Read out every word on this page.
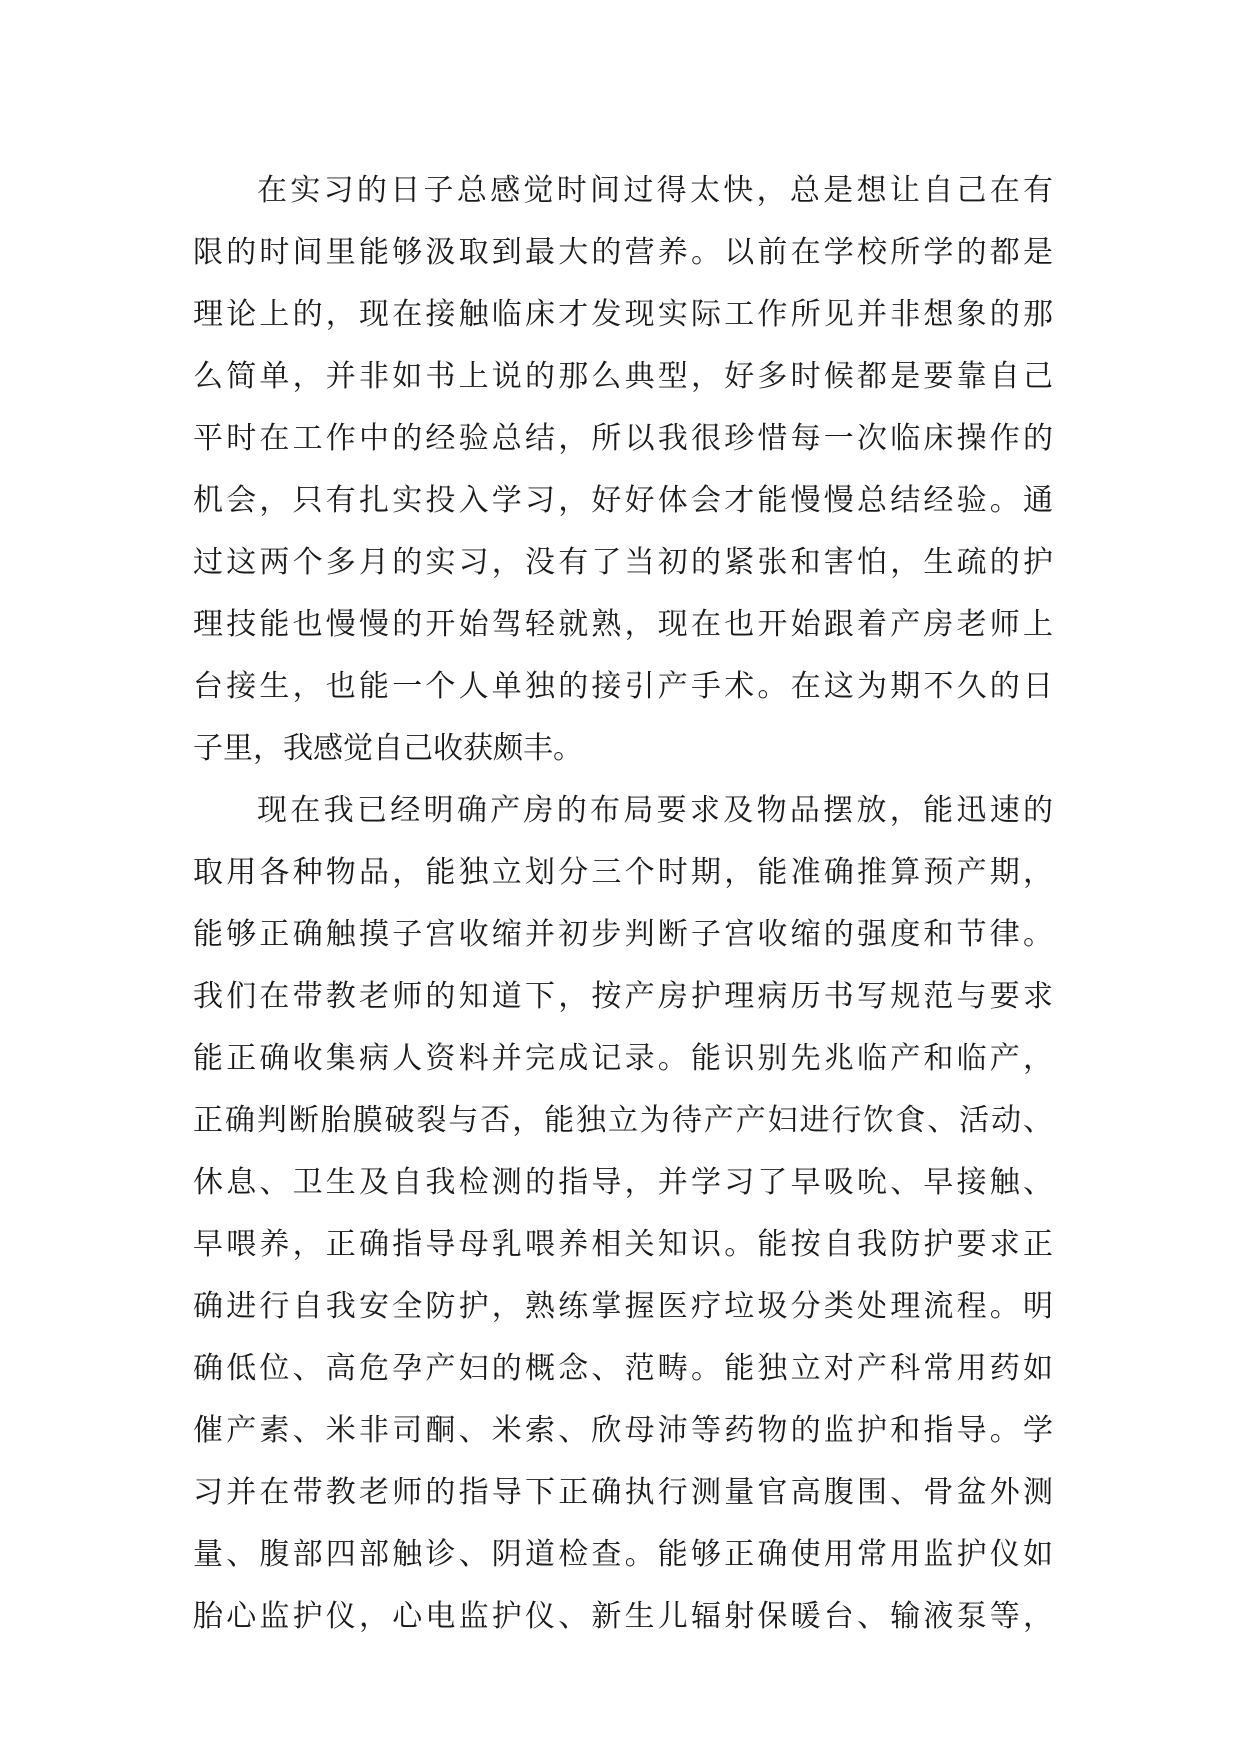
在实习的日子总感觉时间过得太快，总是想让自己在有
限的时间里能够汲取到最大的营养。以前在学校所学的都是
理论上的，现在接触临床才发现实际工作所见并非想象的那
么简单，并非如书上说的那么典型，好多时候都是要靠自己
平时在工作中的经验总结，所以我很珍惜每一次临床操作的
机会，只有扎实投入学习，好好体会才能慢慢总结经验。通
过这两个多月的实习，没有了当初的紧张和害怕，生疏的护
理技能也慢慢的开始驾轻就熟，现在也开始跟着产房老师上
台接生，也能一个人单独的接引产手术。在这为期不久的日
子里，我感觉自己收获颇丰。
现在我已经明确产房的布局要求及物品摆放，能迅速的
取用各种物品，能独立划分三个时期，能准确推算预产期，
能够正确触摸子宫收缩并初步判断子宫收缩的强度和节律。
我们在带教老师的知道下，按产房护理病历书写规范与要求
能正确收集病人资料并完成记录。能识别先兆临产和临产，
正确判断胎膜破裂与否，能独立为待产产妇进行饮食、活动、
休息、卫生及自我检测的指导，并学习了早吸吮、早接触、
早喂养，正确指导母乳喂养相关知识。能按自我防护要求正
确进行自我安全防护，熟练掌握医疗垃圾分类处理流程。明
确低位、高危孕产妇的概念、范畴。能独立对产科常用药如
催产素、米非司酮、米索、欣母沛等药物的监护和指导。学
习并在带教老师的指导下正确执行测量官高腹围、骨盆外测
量、腹部四部触诊、阴道检查。能够正确使用常用监护仪如
胎心监护仪，心电监护仪、新生儿辐射保暖台、输液泵等，
